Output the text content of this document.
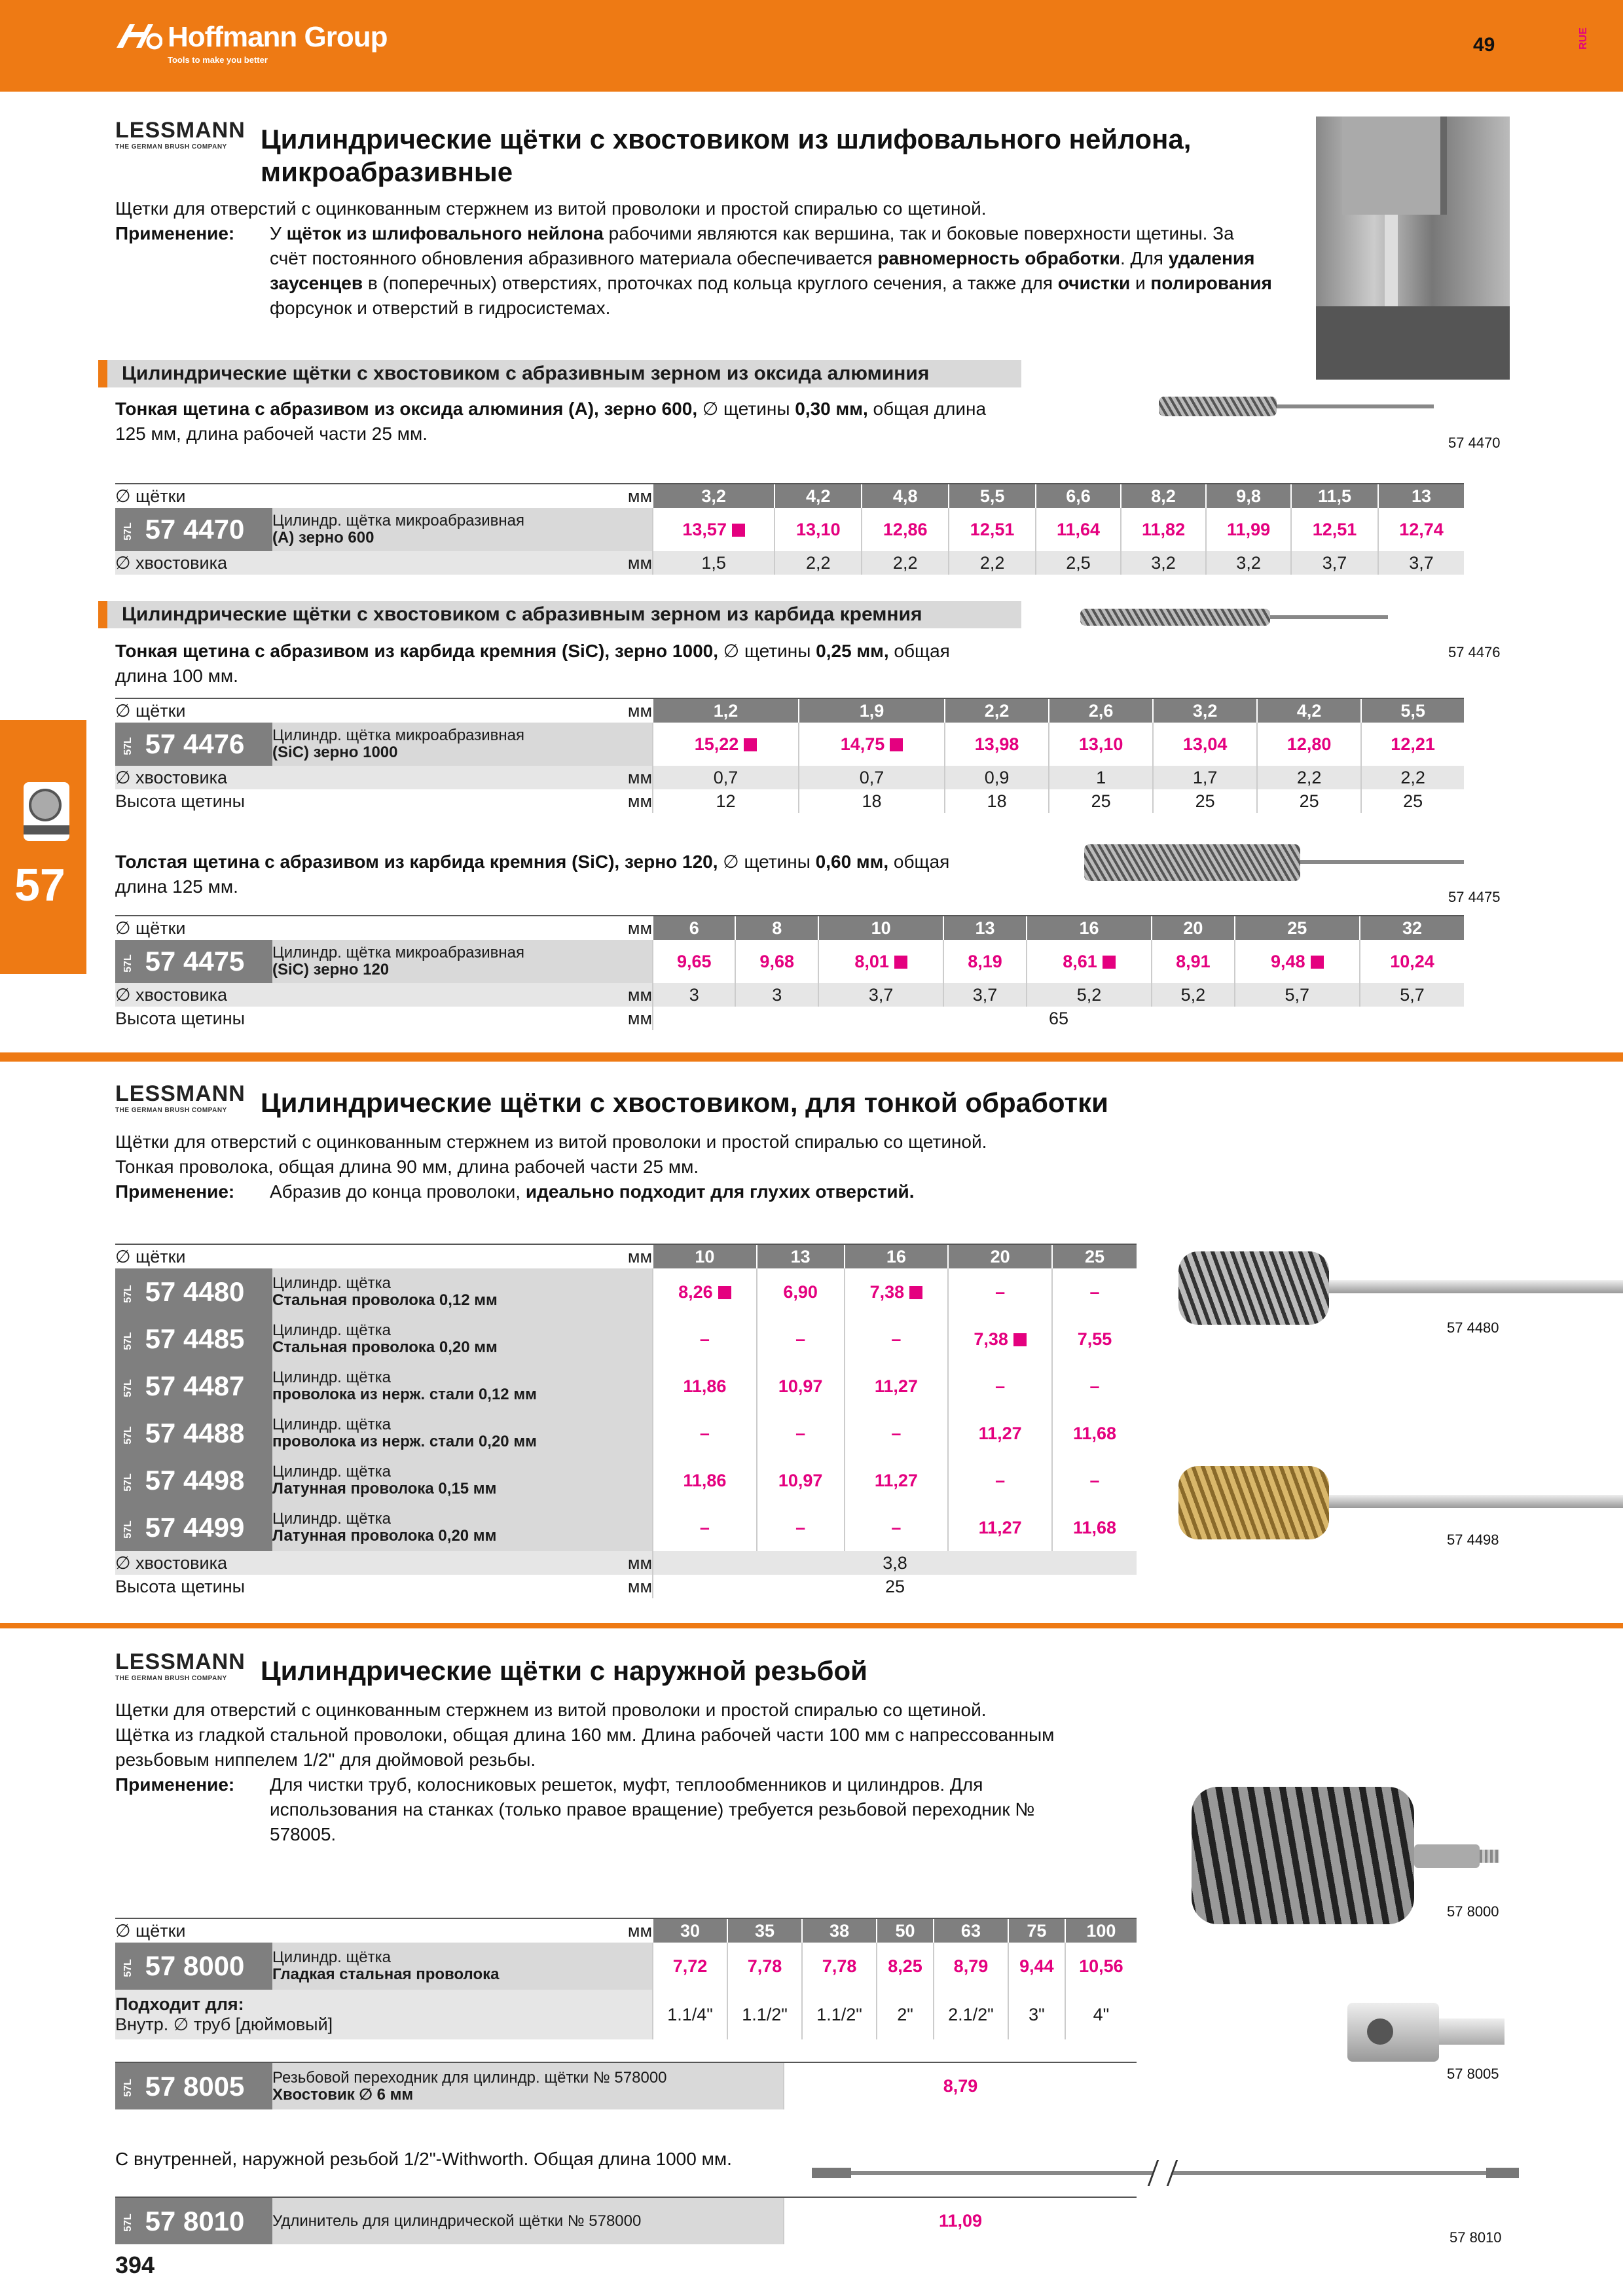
Hoffmann Group
Tools to make you better
49	RUE
57
LESSMANN
THE GERMAN BRUSH COMPANY	Цилиндрические щётки с хвостовиком из шлифовального нейлона,
микроабразивные
Щетки для отверстий с оцинкованным стержнем из витой проволоки и простой спиралью со щетиной.
Применение: У щёток из шлифовального нейлона рабочими являются как вершина, так и боковые поверхности щетины. За
счёт постоянного обновления абразивного материала обеспечивается равномерность обработки. Для удаления
заусенцев в (поперечных) отверстиях, проточках под кольца круглого сечения, а также для очистки и полирования
форсунок и отверстий в гидросистемах.
Цилиндрические щётки с хвостовиком с абразивным зерном из оксида алюминия
Тонкая щетина с абразивом из оксида алюминия (A), зерно 600, ∅ щетины 0,30 мм, общая длина
125 мм, длина рабочей части 25 мм.	57 4470
∅ щётки		мм	3,2	4,2	4,8	5,5	6,6	8,2	9,8	11,5	13
57L 57 4470	Цилиндр. щётка микроабразивная
(A) зерно 600		13,57	13,10	12,86	12,51	11,64	11,82	11,99	12,51	12,74
∅ хвостовика		мм	1,5	2,2	2,2	2,2	2,5	3,2	3,2	3,7	3,7
Цилиндрические щётки с хвостовиком с абразивным зерном из карбида кремния
Тонкая щетина с абразивом из карбида кремния (SiC), зерно 1000, ∅ щетины 0,25 мм, общая
длина 100 мм.
57 4476
∅ щётки		мм	1,2	1,9	2,2	2,6	3,2	4,2	5,5
57L 57 4476	Цилиндр. щётка микроабразивная
(SiC) зерно 1000		15,22	14,75	13,98	13,10	13,04	12,80	12,21
∅ хвостовика		мм	0,7	0,7	0,9	1	1,7	2,2	2,2
Высота щетины		мм	12	18	18	25	25	25	25
Толстая щетина с абразивом из карбида кремния (SiC), зерно 120, ∅ щетины 0,60 мм, общая
длина 125 мм.
57 4475
∅ щётки		мм	6	8	10	13	16	20	25	32
57L 57 4475	Цилиндр. щётка микроабразивная
(SiC) зерно 120		9,65	9,68	8,01	8,19	8,61	8,91	9,48	10,24
∅ хвостовика		мм	3	3	3,7	3,7	5,2	5,2	5,7	5,7
Высота щетины		мм	65							
LESSMANN
THE GERMAN BRUSH COMPANY	Цилиндрические щётки с хвостовиком, для тонкой обработки
Щётки для отверстий с оцинкованным стержнем из витой проволоки и простой спиралью со щетиной.
Тонкая проволока, общая длина 90 мм, длина рабочей части 25 мм.
Применение: Абразив до конца проволоки, идеально подходит для глухих отверстий.
∅ щётки		мм	10	13	16	20	25
57L 57 4480	Цилиндр. щётка
Стальная проволока 0,12 мм		8,26	6,90	7,38	–	–
57L 57 4485	Цилиндр. щётка
Стальная проволока 0,20 мм		–	–	–	7,38	7,55
57L 57 4487	Цилиндр. щётка
проволока из нерж. стали 0,12 мм		11,86	10,97	11,27	–	–
57L 57 4488	Цилиндр. щётка
проволока из нерж. стали 0,20 мм		–	–	–	11,27	11,68
57L 57 4498	Цилиндр. щётка
Латунная проволока 0,15 мм		11,86	10,97	11,27	–	–
57L 57 4499	Цилиндр. щётка
Латунная проволока 0,20 мм		–	–	–	11,27	11,68
∅ хвостовика		мм	3,8				
Высота щетины		мм	25				
57 4480
57 4498
LESSMANN
THE GERMAN BRUSH COMPANY	Цилиндрические щётки с наружной резьбой
Щетки для отверстий с оцинкованным стержнем из витой проволоки и простой спиралью со щетиной.
Щётка из гладкой стальной проволоки, общая длина 160 мм. Длина рабочей части 100 мм с напрессованным
резьбовым ниппелем 1/2" для дюймовой резьбы.
Применение: Для чистки труб, колосниковых решеток, муфт, теплообменников и цилиндров. Для
использования на станках (только правое вращение) требуется резьбовой переходник №
578005.
57 8000
∅ щётки		мм	30	35	38	50	63	75	100
57L 57 8000	Цилиндр. щётка
Гладкая стальная проволока		7,72	7,78	7,78	8,25	8,79	9,44	10,56

Подходит для:
Внутр. ∅ труб [дюймовый]			1.1/4"	1.1/2"	1.1/2"	2"	2.1/2"	3"	4"
57L 57 8005	Резьбовой переходник для цилиндр. щётки № 578000
Хвостовик ∅ 6 мм	8,79
57 8005
С внутренней, наружной резьбой 1/2"-Withworth. Общая длина 1000 мм.
57L 57 8010	Удлинитель для цилиндрической щётки № 578000	11,09
57 8010
394
